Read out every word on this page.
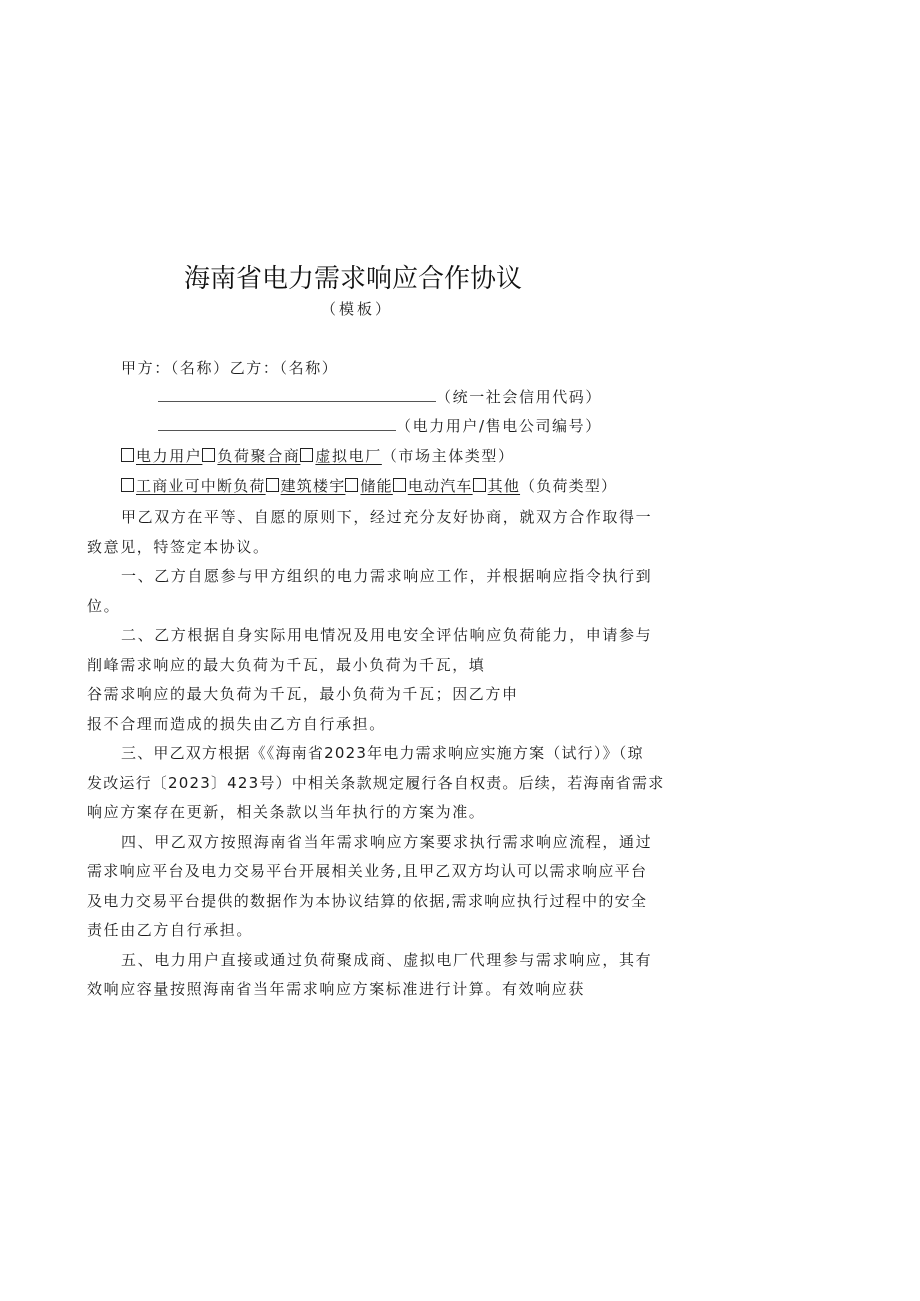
海南省电力需求响应合作协议
（模板）
甲方：（名称）乙方：（名称）
（统一社会信用代码）
（电力用户/售电公司编号）
电力用户 负荷聚合商 虚拟电厂（市场主体类型）
工商业可中断负荷 建筑楼宇 储能 电动汽车 其他（负荷类型）
甲乙双方在平等、自愿的原则下，经过充分友好协商，就双方合作取得一
致意见，特签定本协议。
一、乙方自愿参与甲方组织的电力需求响应工作，并根据响应指令执行到
位。
二、乙方根据自身实际用电情况及用电安全评估响应负荷能力，申请参与
削峰需求响应的最大负荷为千瓦，最小负荷为千瓦，填
谷需求响应的最大负荷为千瓦，最小负荷为千瓦；因乙方申
报不合理而造成的损失由乙方自行承担。
三、甲乙双方根据《《海南省2023年电力需求响应实施方案（试行）》（琼
发改运行〔2023〕423号）中相关条款规定履行各自权责。后续，若海南省需求
响应方案存在更新，相关条款以当年执行的方案为准。
四、甲乙双方按照海南省当年需求响应方案要求执行需求响应流程，通过
需求响应平台及电力交易平台开展相关业务,且甲乙双方均认可以需求响应平台
及电力交易平台提供的数据作为本协议结算的依据,需求响应执行过程中的安全
责任由乙方自行承担。
五、电力用户直接或通过负荷聚成商、虚拟电厂代理参与需求响应，其有
效响应容量按照海南省当年需求响应方案标准进行计算。有效响应获
